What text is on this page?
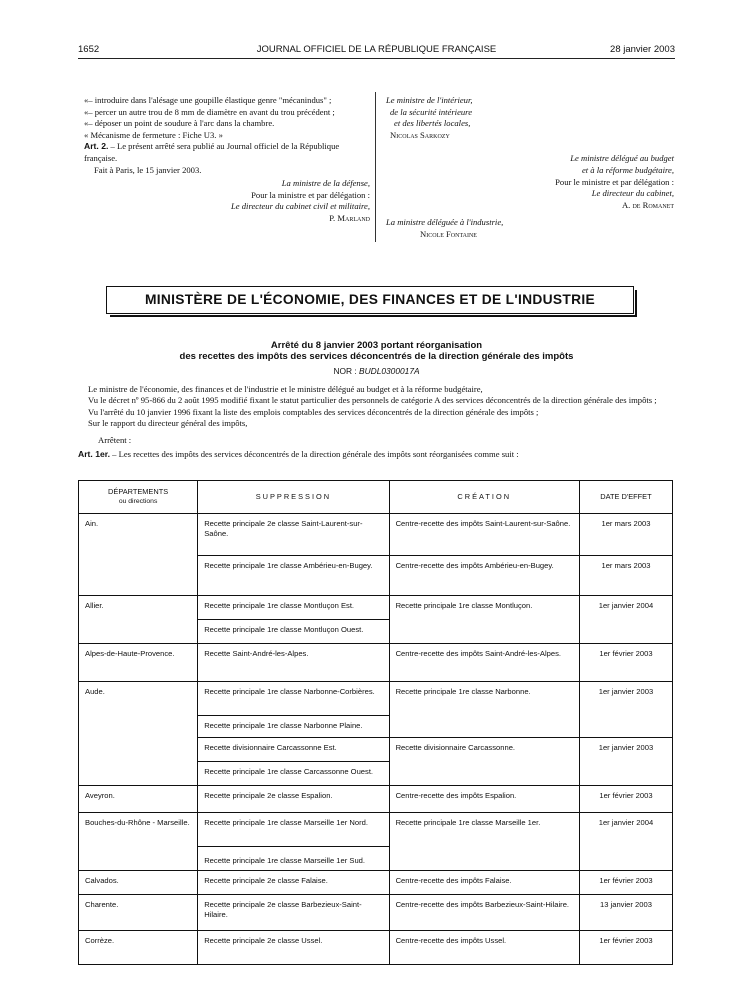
1652	JOURNAL OFFICIEL DE LA RÉPUBLIQUE FRANÇAISE	28 janvier 2003

«– introduire dans l'alésage une goupille élastique genre "mécanindus" ;

«– percer un autre trou de 8 mm de diamètre en avant du trou précédent ;

«– déposer un point de soudure à l'arc dans la chambre.

« Mécanisme de fermeture : Fiche U3. »

Art. 2. – Le présent arrêté sera publié au Journal officiel de la République française.

Fait à Paris, le 15 janvier 2003.

La ministre de la défense,

Pour la ministre et par délégation :

Le directeur du cabinet civil et militaire,

P. Marland

Le ministre de l'intérieur,

de la sécurité intérieure

et des libertés locales,

Nicolas Sarkozy

Le ministre délégué au budget

et à la réforme budgétaire,

Pour le ministre et par délégation :

Le directeur du cabinet,

A. de Romanet

La ministre déléguée à l'industrie,

Nicole Fontaine

MINISTÈRE DE L'ÉCONOMIE, DES FINANCES ET DE L'INDUSTRIE
Arrêté du 8 janvier 2003 portant réorganisation
des recettes des impôts des services déconcentrés de la direction générale des impôts
NOR : BUDL0300017A

Le ministre de l'économie, des finances et de l'industrie et le ministre délégué au budget et à la réforme budgétaire,

Vu le décret nº 95-866 du 2 août 1995 modifié fixant le statut particulier des personnels de catégorie A des services déconcentrés de la direction générale des impôts ;

Vu l'arrêté du 10 janvier 1996 fixant la liste des emplois comptables des services déconcentrés de la direction générale des impôts ;

Sur le rapport du directeur général des impôts,

Arrêtent :

Art. 1er. – Les recettes des impôts des services déconcentrés de la direction générale des impôts sont réorganisées comme suit :

DÉPARTEMENTS
ou directions	SUPPRESSION	CRÉATION	DATE D'EFFET
Ain.	Recette principale 2e classe Saint-Laurent-sur-Saône.	Centre-recette des impôts Saint-Laurent-sur-Saône.	1er mars 2003
	Recette principale 1re classe Ambérieu-en-Bugey.	Centre-recette des impôts Ambérieu-en-Bugey.	1er mars 2003
Allier.	Recette principale 1re classe Montluçon Est.	Recette principale 1re classe Montluçon.	1er janvier 2004
	Recette principale 1re classe Montluçon Ouest.		
Alpes-de-Haute-Provence.	Recette Saint-André-les-Alpes.	Centre-recette des impôts Saint-André-les-Alpes.	1er février 2003
Aude.	Recette principale 1re classe Narbonne-Corbières.	Recette principale 1re classe Narbonne.	1er janvier 2003
	Recette principale 1re classe Narbonne Plaine.		
	Recette divisionnaire Carcassonne Est.	Recette divisionnaire Carcassonne.	1er janvier 2003
	Recette principale 1re classe Carcassonne Ouest.		
Aveyron.	Recette principale 2e classe Espalion.	Centre-recette des impôts Espalion.	1er février 2003
Bouches-du-Rhône - Marseille.	Recette principale 1re classe Marseille 1er Nord.	Recette principale 1re classe Marseille 1er.	1er janvier 2004
	Recette principale 1re classe Marseille 1er Sud.		
Calvados.	Recette principale 2e classe Falaise.	Centre-recette des impôts Falaise.	1er février 2003
Charente.	Recette principale 2e classe Barbezieux-Saint-Hilaire.	Centre-recette des impôts Barbezieux-Saint-Hilaire.	13 janvier 2003
Corrèze.	Recette principale 2e classe Ussel.	Centre-recette des impôts Ussel.	1er février 2003
